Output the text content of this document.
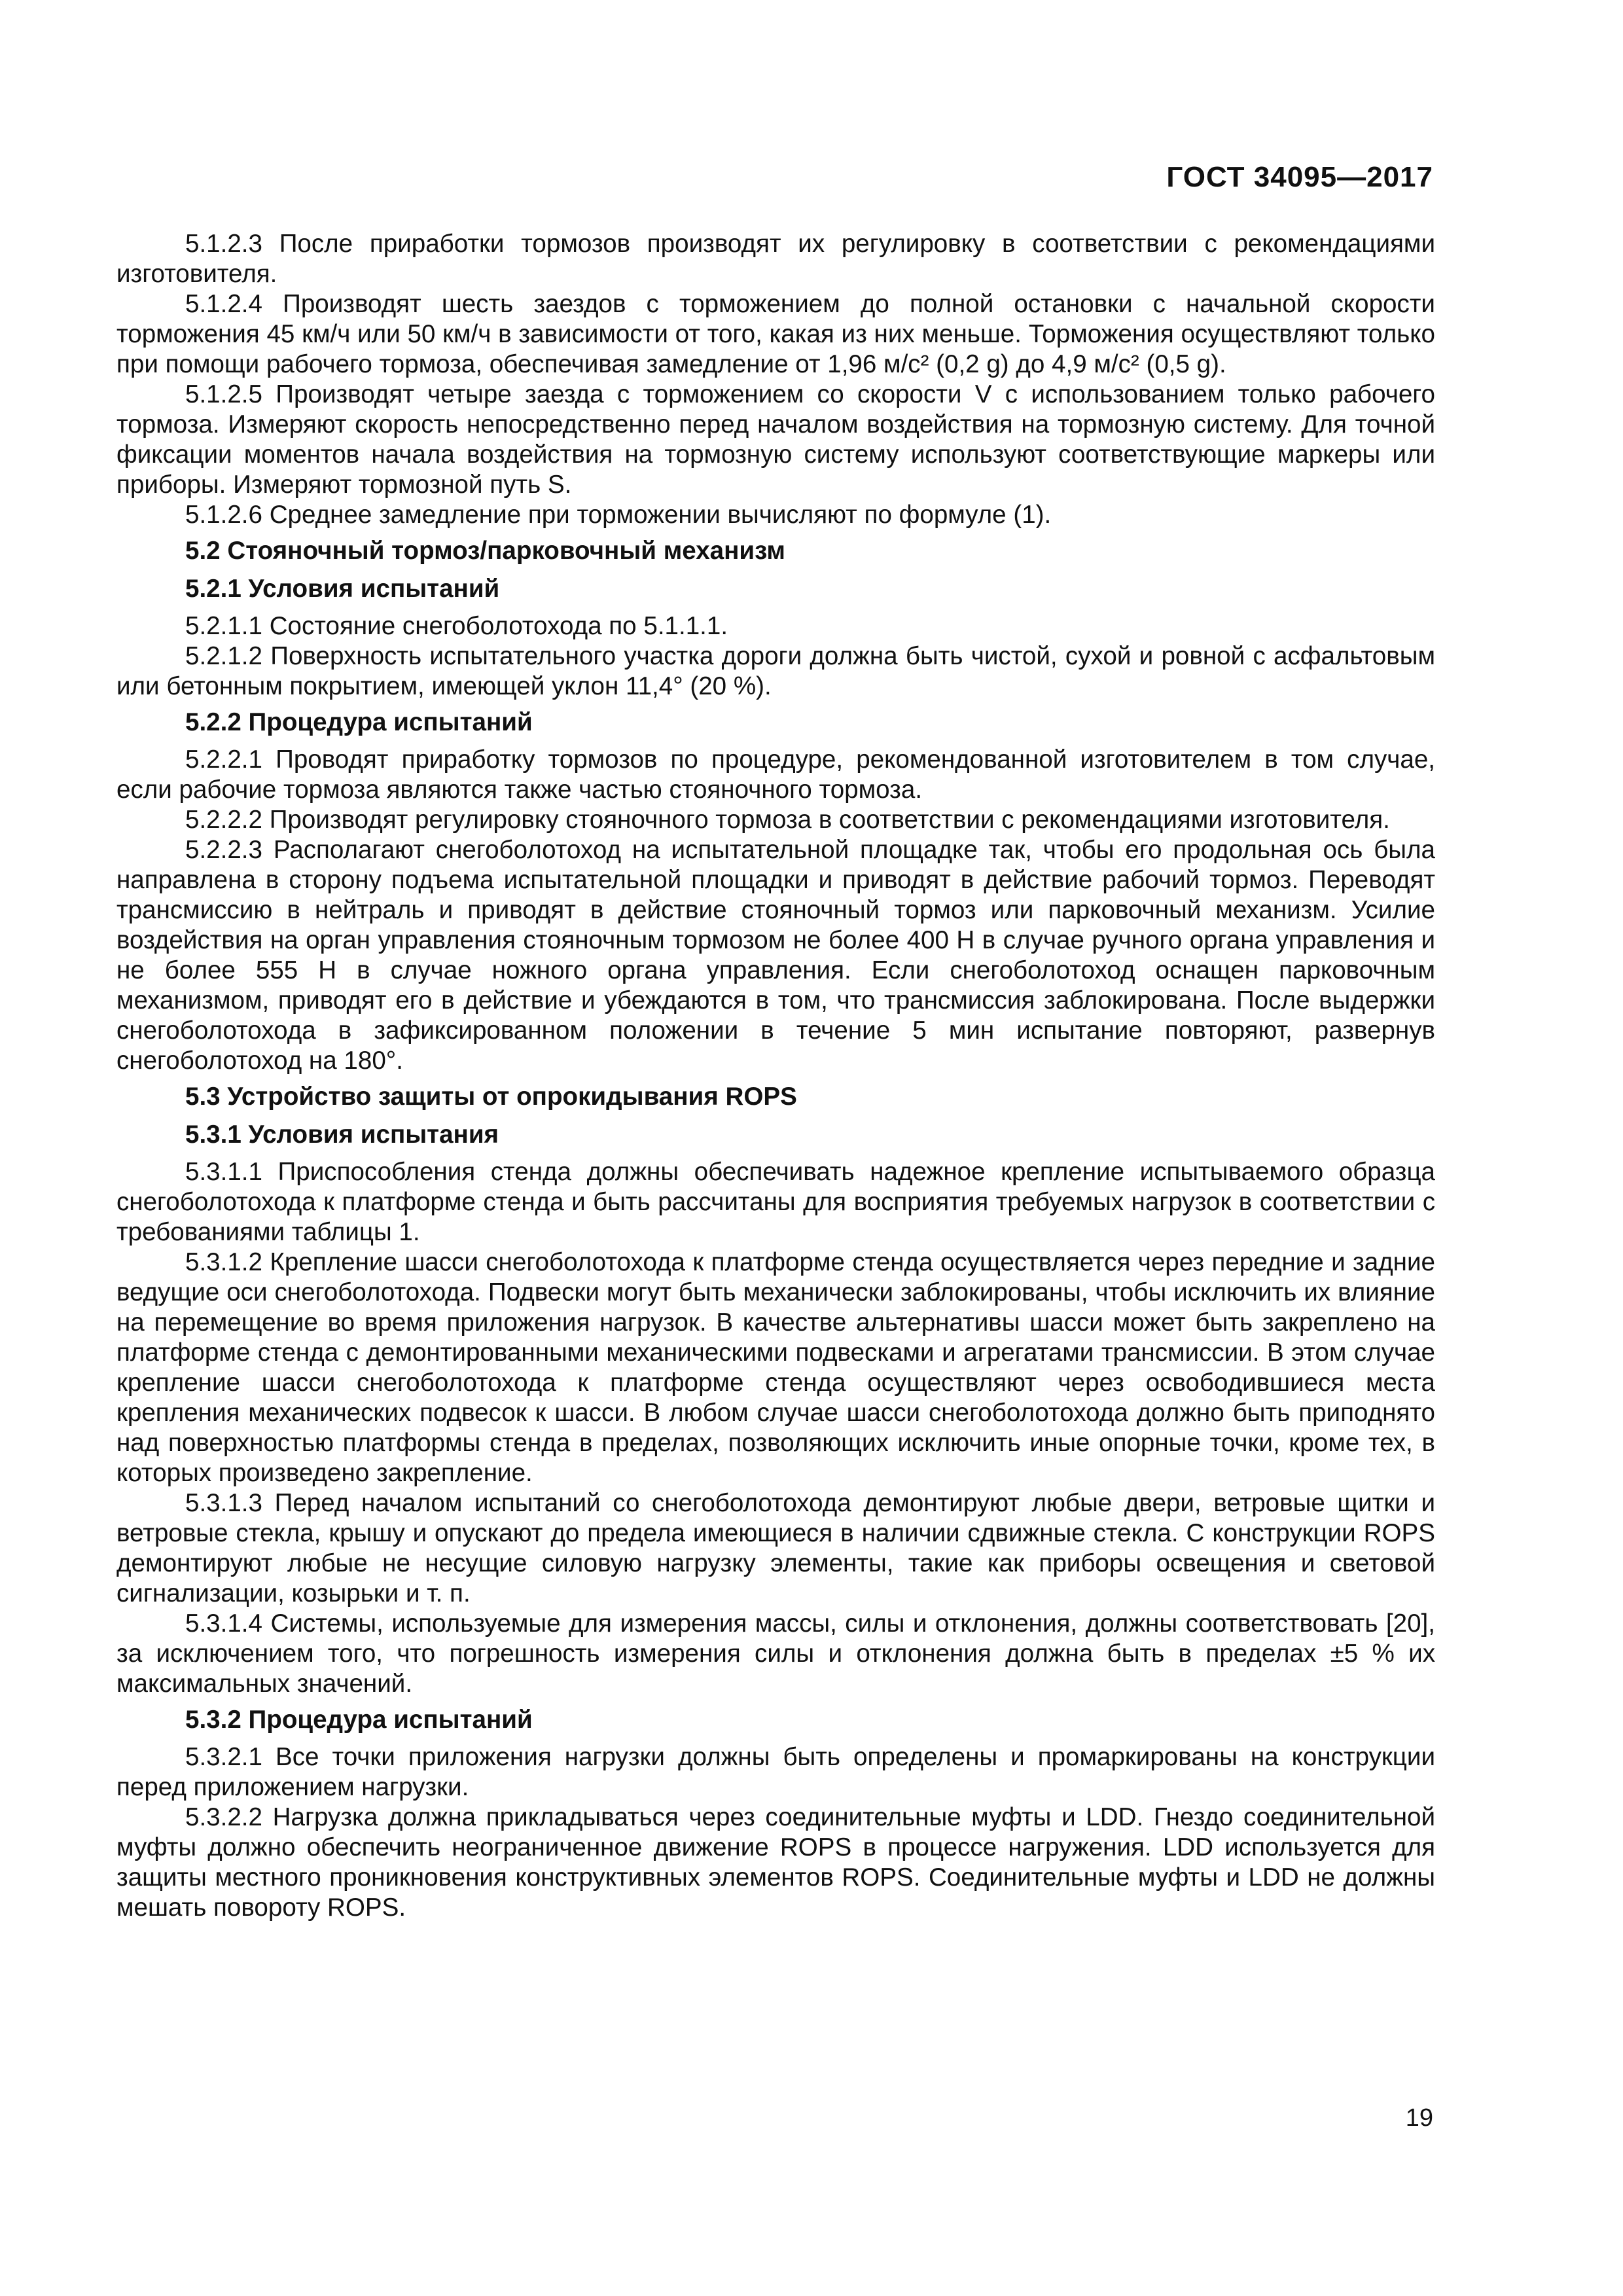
ГОСТ 34095—2017

5.1.2.3 После приработки тормозов производят их регулировку в соответствии с рекомендациями изготовителя.

5.1.2.4 Производят шесть заездов с торможением до полной остановки с начальной скорости торможения 45 км/ч или 50 км/ч в зависимости от того, какая из них меньше. Торможения осуществляют только при помощи рабочего тормоза, обеспечивая замедление от 1,96 м/с² (0,2 g) до 4,9 м/с² (0,5 g).

5.1.2.5 Производят четыре заезда с торможением со скорости V с использованием только рабочего тормоза. Измеряют скорость непосредственно перед началом воздействия на тормозную систему. Для точной фиксации моментов начала воздействия на тормозную систему используют соответствующие маркеры или приборы. Измеряют тормозной путь S.

5.1.2.6 Среднее замедление при торможении вычисляют по формуле (1).

5.2 Стояночный тормоз/парковочный механизм
5.2.1 Условия испытаний

5.2.1.1 Состояние снегоболотохода по 5.1.1.1.

5.2.1.2 Поверхность испытательного участка дороги должна быть чистой, сухой и ровной с асфальтовым или бетонным покрытием, имеющей уклон 11,4° (20 %).

5.2.2 Процедура испытаний

5.2.2.1 Проводят приработку тормозов по процедуре, рекомендованной изготовителем в том случае, если рабочие тормоза являются также частью стояночного тормоза.

5.2.2.2 Производят регулировку стояночного тормоза в соответствии с рекомендациями изготовителя.

5.2.2.3 Располагают снегоболотоход на испытательной площадке так, чтобы его продольная ось была направлена в сторону подъема испытательной площадки и приводят в действие рабочий тормоз. Переводят трансмиссию в нейтраль и приводят в действие стояночный тормоз или парковочный механизм. Усилие воздействия на орган управления стояночным тормозом не более 400 Н в случае ручного органа управления и не более 555 Н в случае ножного органа управления. Если снегоболотоход оснащен парковочным механизмом, приводят его в действие и убеждаются в том, что трансмиссия заблокирована. После выдержки снегоболотохода в зафиксированном положении в течение 5 мин испытание повторяют, развернув снегоболотоход на 180°.

5.3 Устройство защиты от опрокидывания ROPS
5.3.1 Условия испытания

5.3.1.1 Приспособления стенда должны обеспечивать надежное крепление испытываемого образца снегоболотохода к платформе стенда и быть рассчитаны для восприятия требуемых нагрузок в соответствии с требованиями таблицы 1.

5.3.1.2 Крепление шасси снегоболотохода к платформе стенда осуществляется через передние и задние ведущие оси снегоболотохода. Подвески могут быть механически заблокированы, чтобы исключить их влияние на перемещение во время приложения нагрузок. В качестве альтернативы шасси может быть закреплено на платформе стенда с демонтированными механическими подвесками и агрегатами трансмиссии. В этом случае крепление шасси снегоболотохода к платформе стенда осуществляют через освободившиеся места крепления механических подвесок к шасси. В любом случае шасси снегоболотохода должно быть приподнято над поверхностью платформы стенда в пределах, позволяющих исключить иные опорные точки, кроме тех, в которых произведено закрепление.

5.3.1.3 Перед началом испытаний со снегоболотохода демонтируют любые двери, ветровые щитки и ветровые стекла, крышу и опускают до предела имеющиеся в наличии сдвижные стекла. С конструкции ROPS демонтируют любые не несущие силовую нагрузку элементы, такие как приборы освещения и световой сигнализации, козырьки и т. п.

5.3.1.4 Системы, используемые для измерения массы, силы и отклонения, должны соответствовать [20], за исключением того, что погрешность измерения силы и отклонения должна быть в пределах ±5 % их максимальных значений.

5.3.2 Процедура испытаний

5.3.2.1 Все точки приложения нагрузки должны быть определены и промаркированы на конструкции перед приложением нагрузки.

5.3.2.2 Нагрузка должна прикладываться через соединительные муфты и LDD. Гнездо соединительной муфты должно обеспечить неограниченное движение ROPS в процессе нагружения. LDD используется для защиты местного проникновения конструктивных элементов ROPS. Соединительные муфты и LDD не должны мешать повороту ROPS.

19
